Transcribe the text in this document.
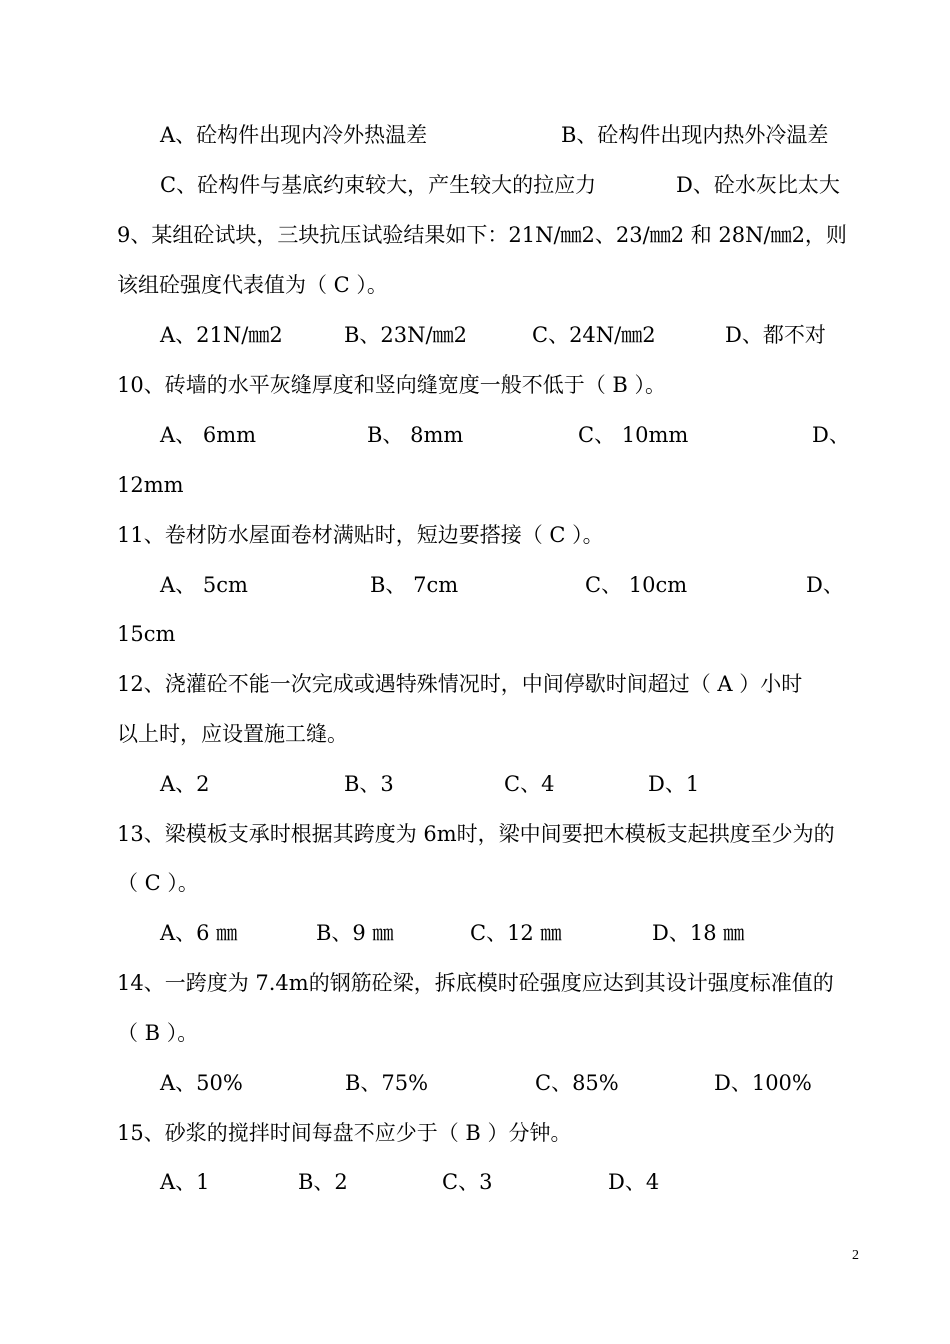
A、砼构件出现内冷外热温差	B、砼构件出现内热外冷温差
C、砼构件与基底约束较大，产生较大的拉应力	D、砼水灰比太大
9、某组砼试块，三块抗压试验结果如下：21N/㎜2、23/㎜2 和 28N/㎜2，则
该组砼强度代表值为（ C ）。
A、21N/㎜2	B、23N/㎜2	C、24N/㎜2	D、都不对
10、砖墙的水平灰缝厚度和竖向缝宽度一般不低于（ B ）。
A、 6mm	B、 8mm	C、 10mm	D、
12mm
11、卷材防水屋面卷材满贴时，短边要搭接（ C ）。
A、 5cm	B、 7cm	C、 10cm	D、
15cm
12、浇灌砼不能一次完成或遇特殊情况时，中间停歇时间超过（ A ）小时
以上时，应设置施工缝。
A、2	B、3	C、4	D、1
13、梁模板支承时根据其跨度为 6m时，梁中间要把木模板支起拱度至少为的
（ C ）。
A、6 ㎜	B、9 ㎜	C、12 ㎜	D、18 ㎜
14、一跨度为 7.4m的钢筋砼梁，拆底模时砼强度应达到其设计强度标准值的
（ B ）。
A、50%	B、75%	C、85%	D、100%
15、砂浆的搅拌时间每盘不应少于（ B ）分钟。
A、1	B、2	C、3	D、4
2
